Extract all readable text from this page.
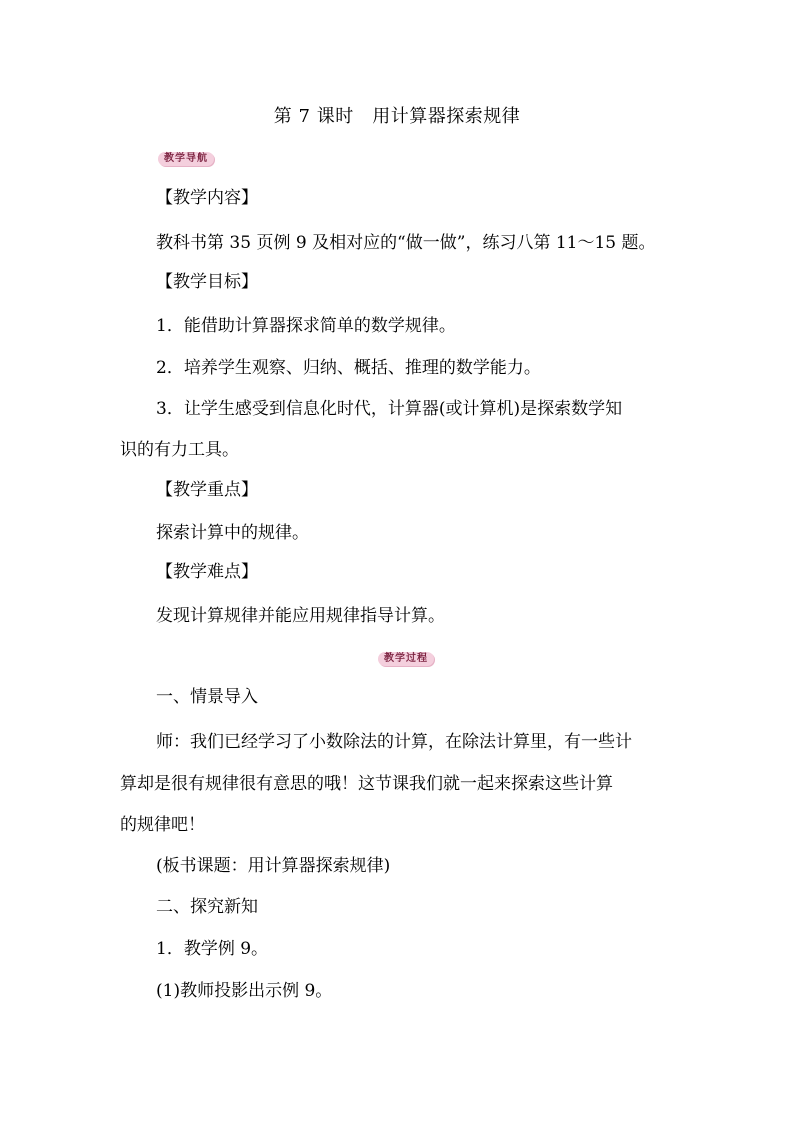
第 7 课时　用计算器探索规律
教学导航
【教学内容】
教科书第 35 页例 9 及相对应的“做一做”，练习八第 11～15 题。
【教学目标】
1．能借助计算器探求简单的数学规律。
2．培养学生观察、归纳、概括、推理的数学能力。
3．让学生感受到信息化时代，计算器(或计算机)是探索数学知
识的有力工具。
【教学重点】
探索计算中的规律。
【教学难点】
发现计算规律并能应用规律指导计算。
教学过程
一、情景导入
师：我们已经学习了小数除法的计算，在除法计算里，有一些计
算却是很有规律很有意思的哦！这节课我们就一起来探索这些计算
的规律吧！
(板书课题：用计算器探索规律)
二、探究新知
1．教学例 9。
(1)教师投影出示例 9。
